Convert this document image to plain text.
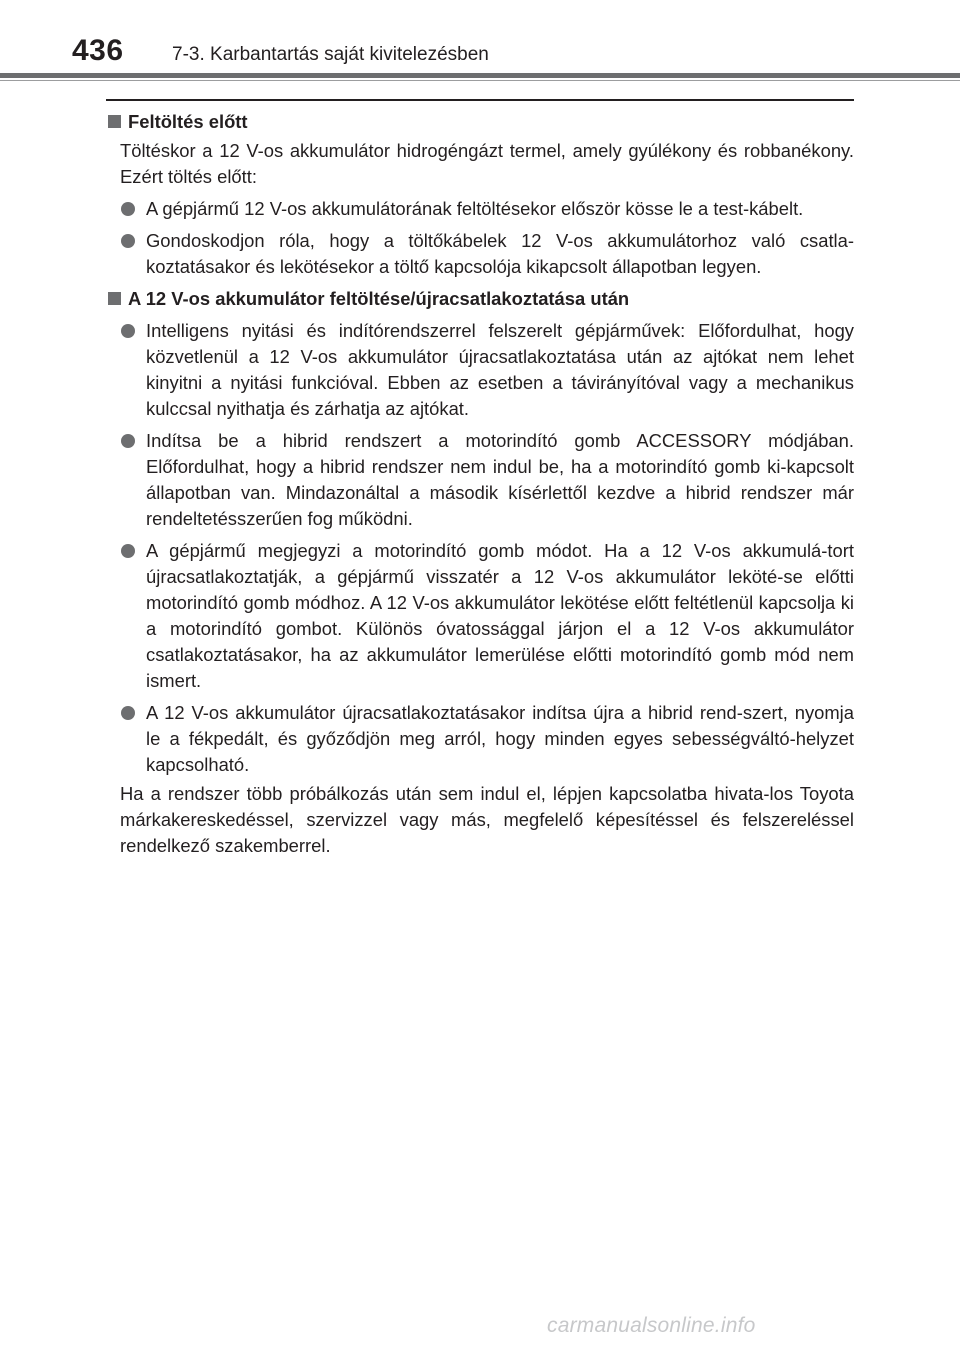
436	7-3. Karbantartás saját kivitelezésben

Feltöltés előtt

Töltéskor a 12 V-os akkumulátor hidrogéngázt termel, amely gyúlékony és robbanékony. Ezért töltés előtt:

A gépjármű 12 V-os akkumulátorának feltöltésekor először kösse le a test-kábelt.
Gondoskodjon róla, hogy a töltőkábelek 12 V-os akkumulátorhoz való csatla-koztatásakor és lekötésekor a töltő kapcsolója kikapcsolt állapotban legyen.

A 12 V-os akkumulátor feltöltése/újracsatlakoztatása után

Intelligens nyitási és indítórendszerrel felszerelt gépjárművek: Előfordulhat, hogy közvetlenül a 12 V-os akkumulátor újracsatlakoztatása után az ajtókat nem lehet kinyitni a nyitási funkcióval. Ebben az esetben a távirányítóval vagy a mechanikus kulccsal nyithatja és zárhatja az ajtókat.
Indítsa be a hibrid rendszert a motorindító gomb ACCESSORY módjában. Előfordulhat, hogy a hibrid rendszer nem indul be, ha a motorindító gomb ki-kapcsolt állapotban van. Mindazonáltal a második kísérlettől kezdve a hibrid rendszer már rendeltetésszerűen fog működni.
A gépjármű megjegyzi a motorindító gomb módot. Ha a 12 V-os akkumulá-tort újracsatlakoztatják, a gépjármű visszatér a 12 V-os akkumulátor leköté-se előtti motorindító gomb módhoz. A 12 V-os akkumulátor lekötése előtt feltétlenül kapcsolja ki a motorindító gombot. Különös óvatossággal járjon el a 12 V-os akkumulátor csatlakoztatásakor, ha az akkumulátor lemerülése előtti motorindító gomb mód nem ismert.
A 12 V-os akkumulátor újracsatlakoztatásakor indítsa újra a hibrid rend-szert, nyomja le a fékpedált, és győződjön meg arról, hogy minden egyes sebességváltó-helyzet kapcsolható.

Ha a rendszer több próbálkozás után sem indul el, lépjen kapcsolatba hivata-los Toyota márkakereskedéssel, szervizzel vagy más, megfelelő képesítéssel és felszereléssel rendelkező szakemberrel.

carmanualsonline.info
